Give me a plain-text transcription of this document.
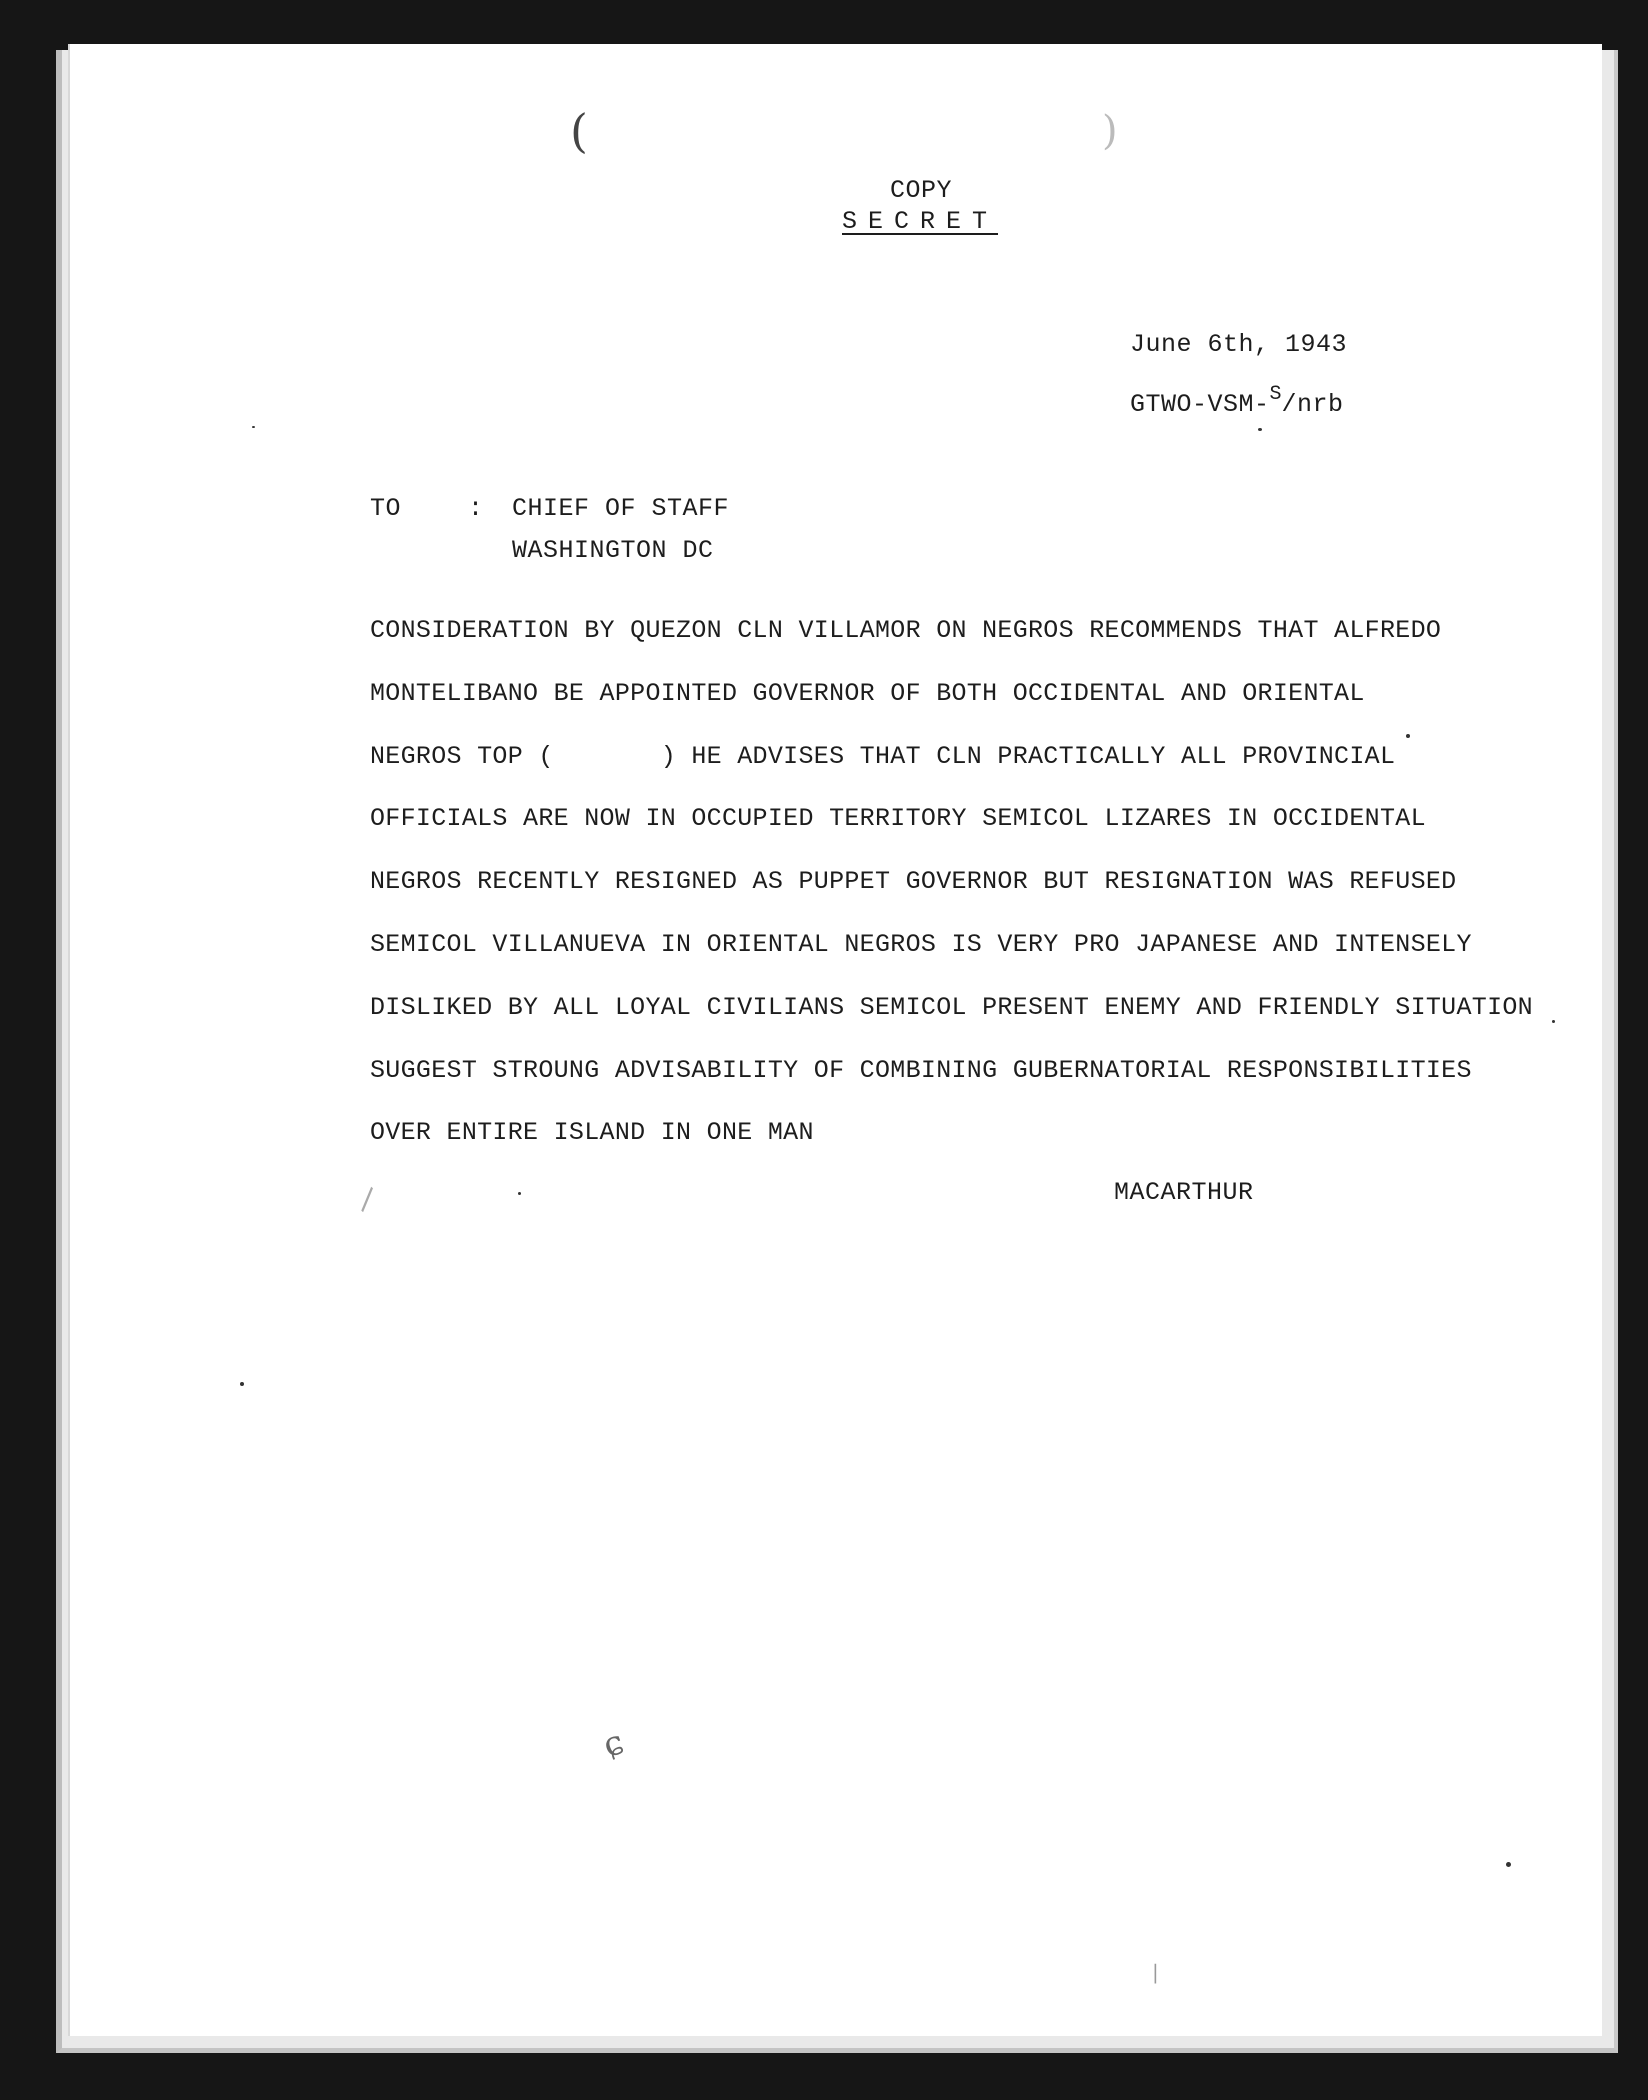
(	)
\
ɕ
|

COPY

SECRET

June 6th, 1943

GTWO-VSM-$^S$/nrb

TO	: CHIEF OF STAFF

WASHINGTON DC

CONSIDERATION BY QUEZON CLN VILLAMOR ON NEGROS RECOMMENDS THAT ALFREDO
MONTELIBANO BE APPOINTED GOVERNOR OF BOTH OCCIDENTAL AND ORIENTAL
NEGROS TOP (       ) HE ADVISES THAT CLN PRACTICALLY ALL PROVINCIAL
OFFICIALS ARE NOW IN OCCUPIED TERRITORY SEMICOL LIZARES IN OCCIDENTAL
NEGROS RECENTLY RESIGNED AS PUPPET GOVERNOR BUT RESIGNATION WAS REFUSED
SEMICOL VILLANUEVA IN ORIENTAL NEGROS IS VERY PRO JAPANESE AND INTENSELY
DISLIKED BY ALL LOYAL CIVILIANS SEMICOL PRESENT ENEMY AND FRIENDLY SITUATION
SUGGEST STROUNG ADVISABILITY OF COMBINING GUBERNATORIAL RESPONSIBILITIES
OVER ENTIRE ISLAND IN ONE MAN

MACARTHUR
